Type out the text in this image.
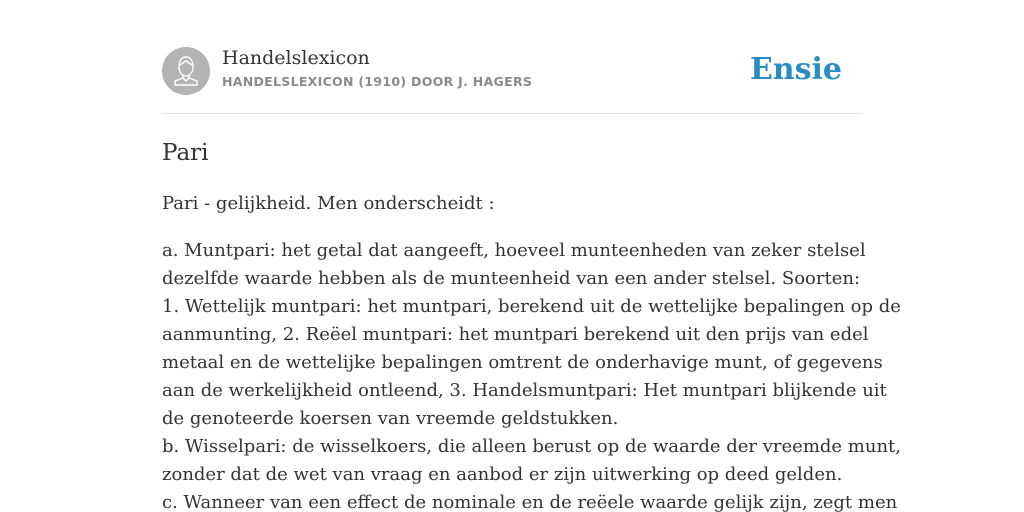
Handelslexicon
HANDELSLEXICON (1910) DOOR J. HAGERS	Ensie
Pari

Pari - gelijkheid. Men onderscheidt :

a. Muntpari: het getal dat aangeeft, hoeveel munteenheden van zeker stelsel
dezelfde waarde hebben als de munteenheid van een ander stelsel. Soorten:
1. Wettelijk muntpari: het muntpari, berekend uit de wettelijke bepalingen op de
aanmunting, 2. Reëel muntpari: het muntpari berekend uit den prijs van edel
metaal en de wettelijke bepalingen omtrent de onderhavige munt, of gegevens
aan de werkelijkheid ontleend, 3. Handelsmuntpari: Het muntpari blijkende uit
de genoteerde koersen van vreemde geldstukken.
b. Wisselpari: de wisselkoers, die alleen berust op de waarde der vreemde munt,
zonder dat de wet van vraag en aanbod er zijn uitwerking op deed gelden.
c. Wanneer van een effect de nominale en de reëele waarde gelijk zijn, zegt men
